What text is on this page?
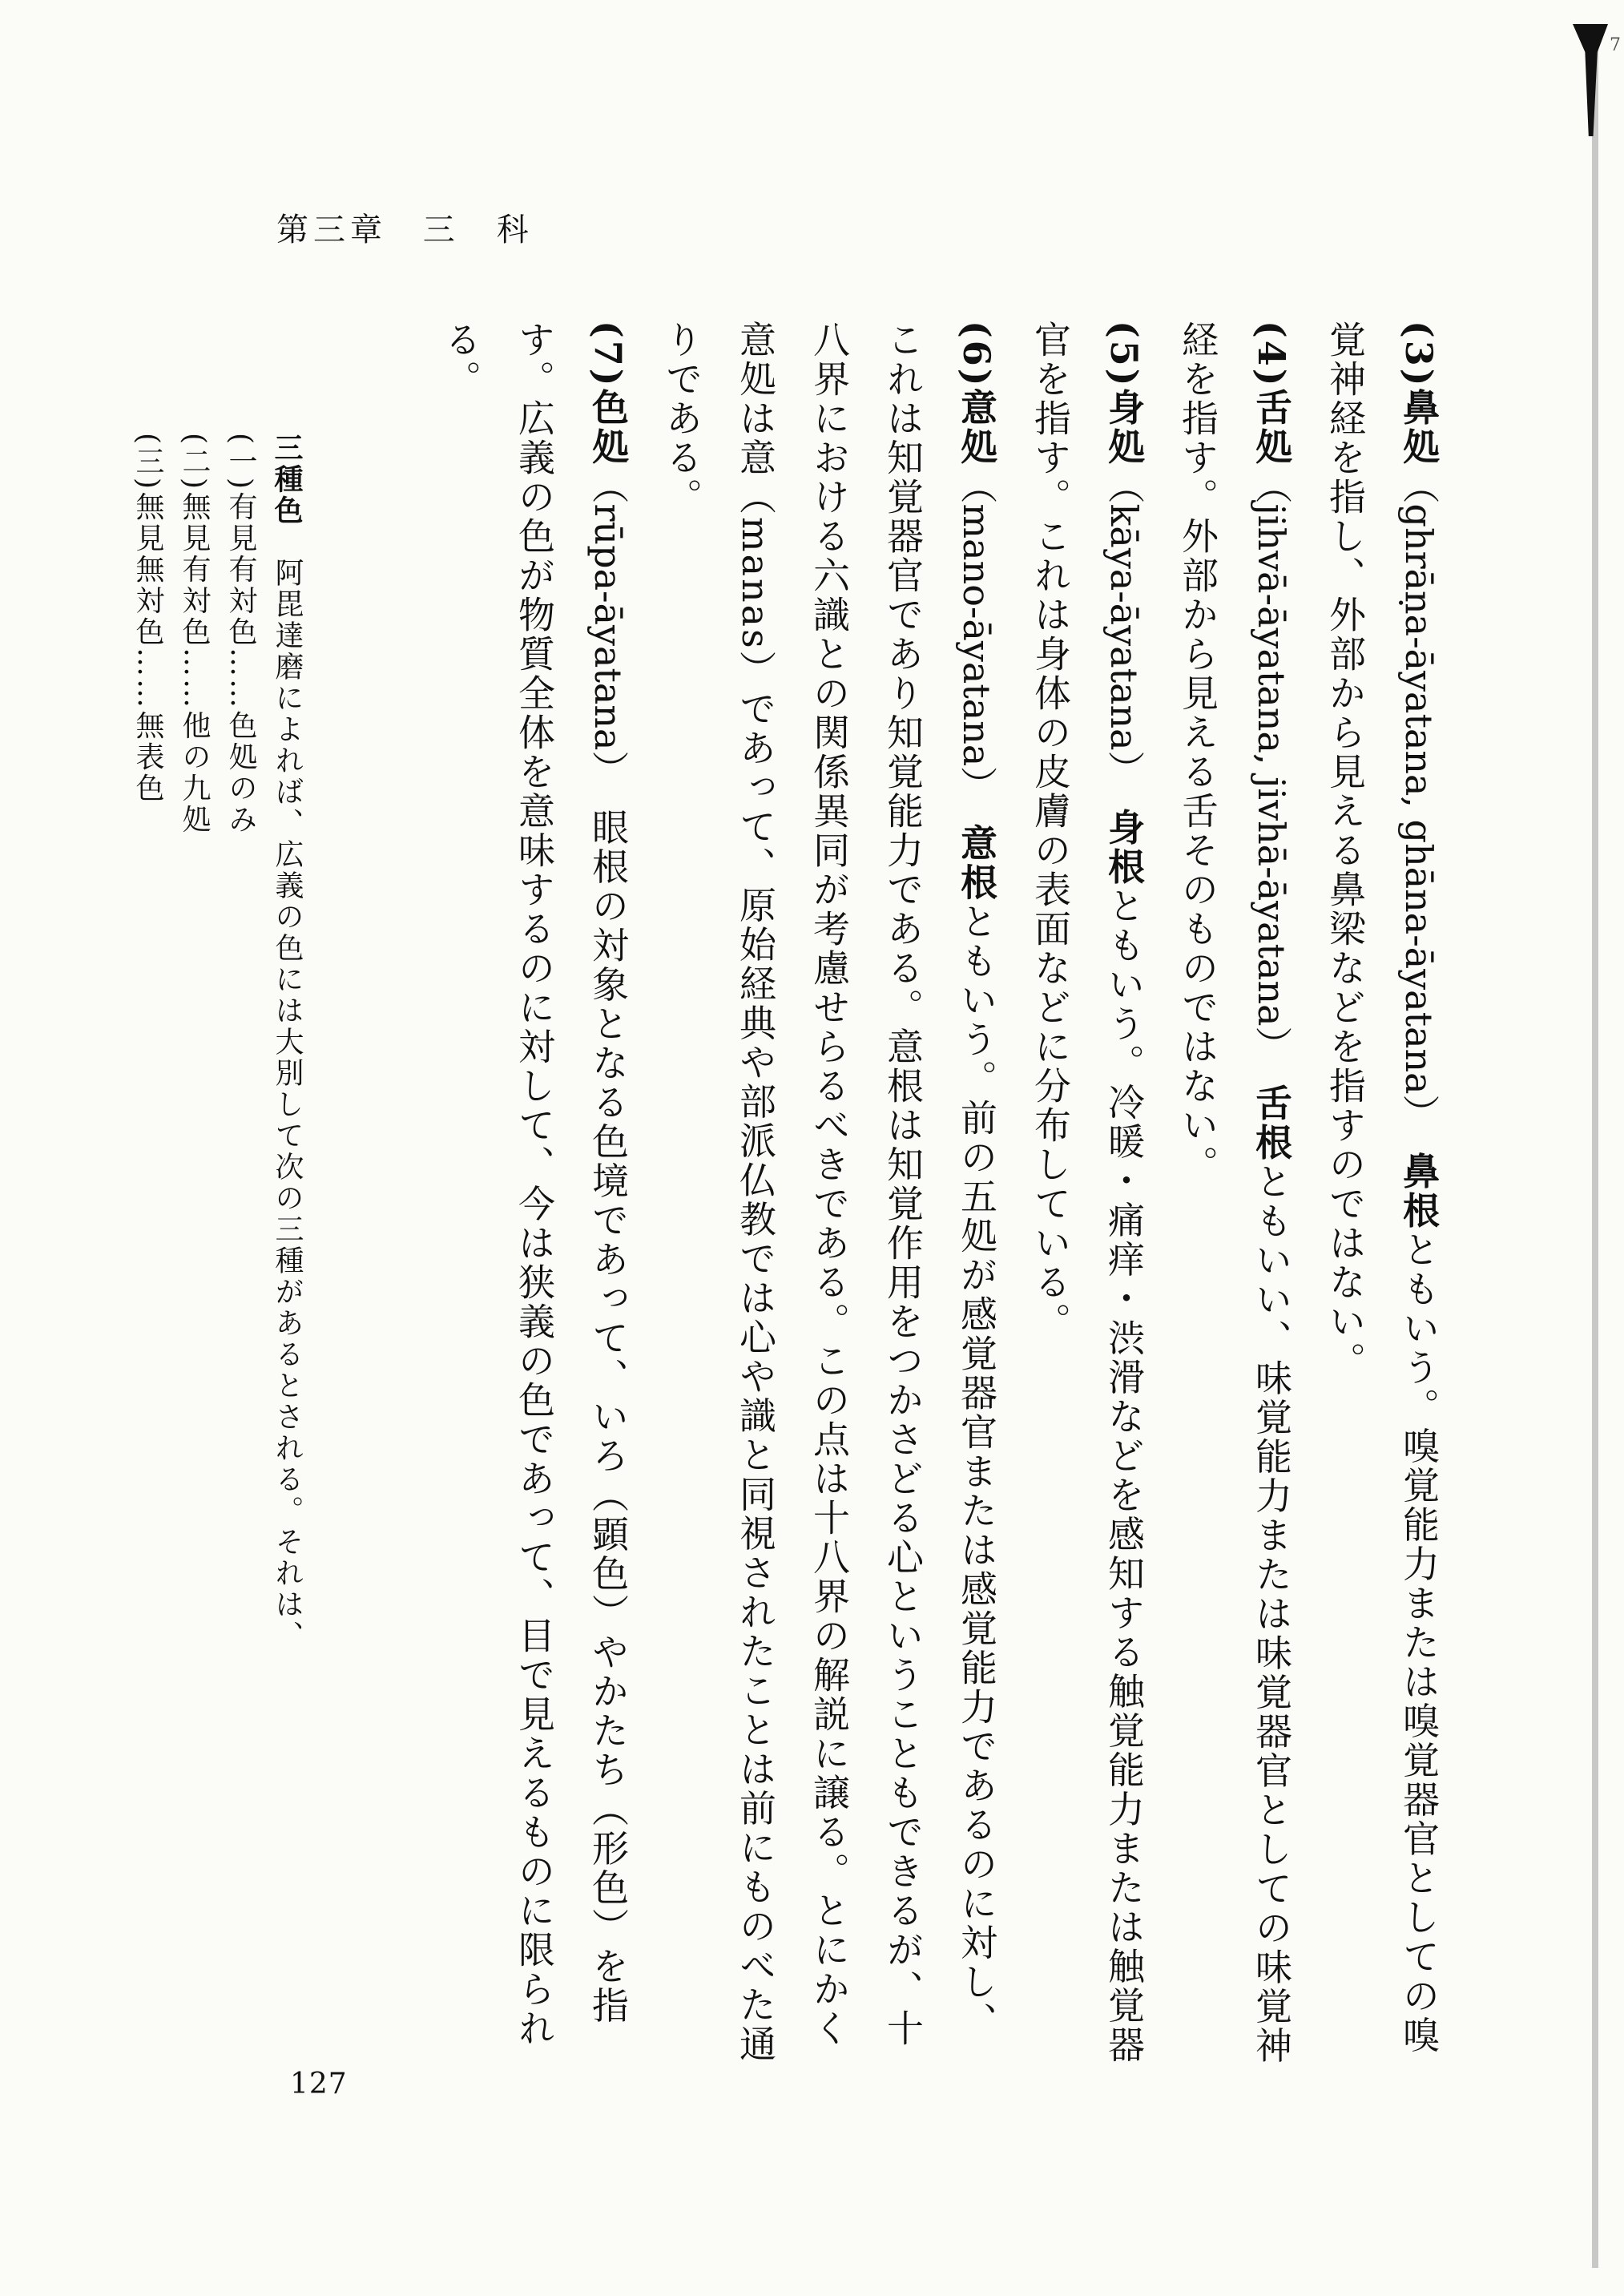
第三章 三　科

(3)鼻処（ghrāṇa-āyatana, ghāna-āyatana）　鼻根ともいう。嗅覚能力または嗅覚器官としての嗅覚神経を指し、外部から見える鼻梁などを指すのではない。

(4)舌処（jihvā-āyatana, jivhā-āyatana）　舌根ともいい、味覚能力または味覚器官としての味覚神経を指す。外部から見える舌そのものではない。

(5)身処（kāya-āyatana）　身根ともいう。冷暖・痛痒・渋滑などを感知する触覚能力または触覚器官を指す。これは身体の皮膚の表面などに分布している。

(6)意処（mano-āyatana）　意根ともいう。前の五処が感覚器官または感覚能力であるのに対し、これは知覚器官であり知覚能力である。意根は知覚作用をつかさどる心ということもできるが、十八界における六識との関係異同が考慮せらるべきである。この点は十八界の解説に譲る。とにかく意処は意（manas）であって、原始経典や部派仏教では心や識と同視されたことは前にものべた通りである。

(7)色処（rūpa-āyatana）　眼根の対象となる色境であって、いろ（顕色）やかたち（形色）を指す。広義の色が物質全体を意味するのに対して、今は狭義の色であって、目で見えるものに限られる。

三種色　阿毘達磨によれば、広義の色には大別して次の三種があるとされる。それは、

(一)有見有対色……色処のみ

(二)無見有対色……他の九処

(三)無見無対色……無表色

127
7
